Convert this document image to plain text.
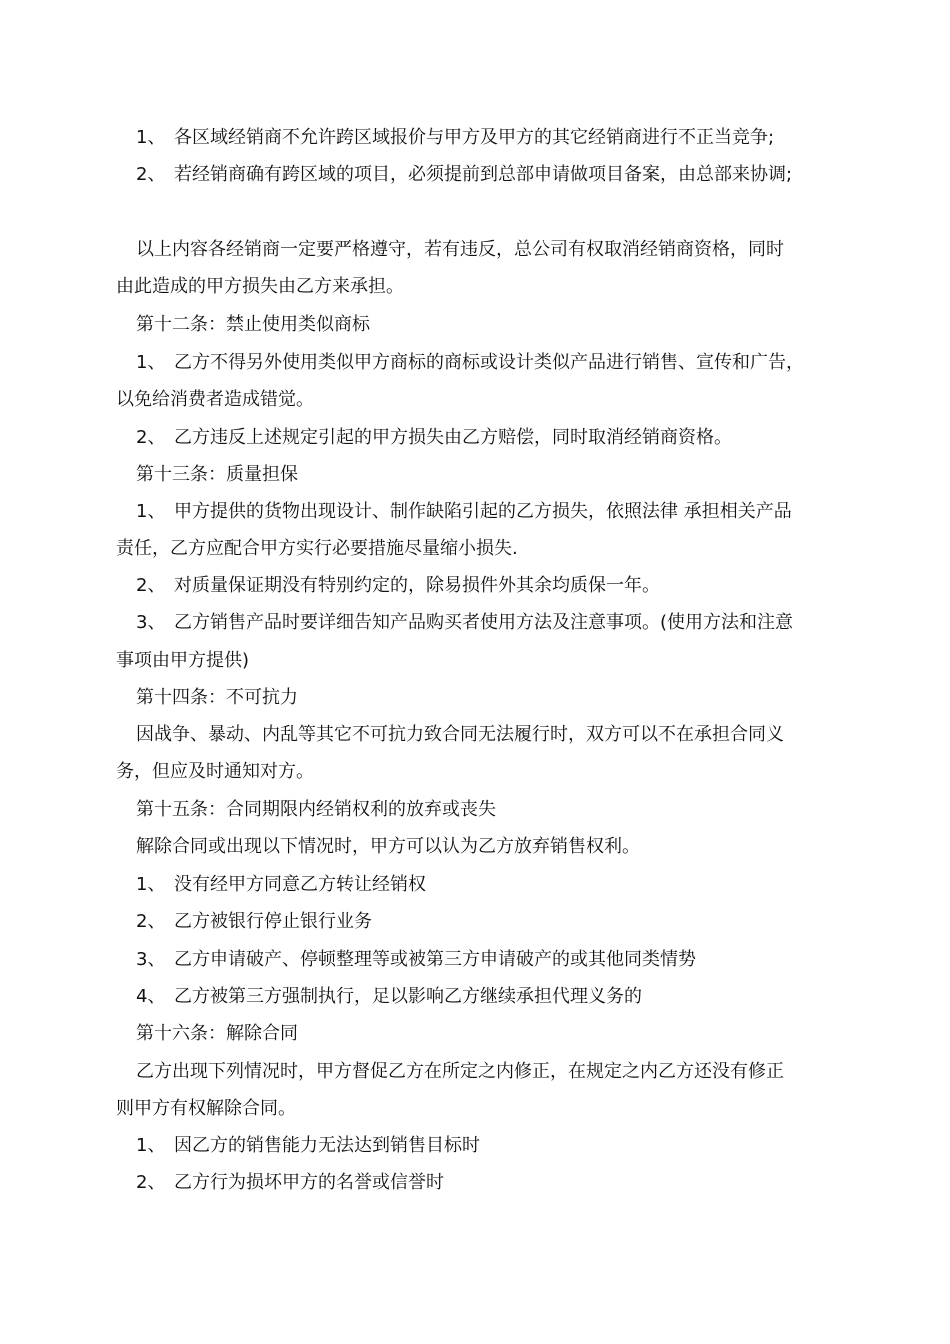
1、 各区域经销商不允许跨区域报价与甲方及甲方的其它经销商进行不正当竞争;

2、 若经销商确有跨区域的项目，必须提前到总部申请做项目备案，由总部来协调;

以上内容各经销商一定要严格遵守，若有违反，总公司有权取消经销商资格，同时

由此造成的甲方损失由乙方来承担。

第十二条：禁止使用类似商标

1、 乙方不得另外使用类似甲方商标的商标或设计类似产品进行销售、宣传和广告，

以免给消费者造成错觉。

2、 乙方违反上述规定引起的甲方损失由乙方赔偿，同时取消经销商资格。

第十三条：质量担保

1、 甲方提供的货物出现设计、制作缺陷引起的乙方损失，依照法律 承担相关产品

责任，乙方应配合甲方实行必要措施尽量缩小损失.

2、 对质量保证期没有特别约定的，除易损件外其余均质保一年。

3、 乙方销售产品时要详细告知产品购买者使用方法及注意事项。(使用方法和注意

事项由甲方提供)

第十四条：不可抗力

因战争、暴动、内乱等其它不可抗力致合同无法履行时，双方可以不在承担合同义

务，但应及时通知对方。

第十五条：合同期限内经销权利的放弃或丧失

解除合同或出现以下情况时，甲方可以认为乙方放弃销售权利。

1、 没有经甲方同意乙方转让经销权

2、 乙方被银行停止银行业务

3、 乙方申请破产、停顿整理等或被第三方申请破产的或其他同类情势

4、 乙方被第三方强制执行，足以影响乙方继续承担代理义务的

第十六条：解除合同

乙方出现下列情况时，甲方督促乙方在所定之内修正，在规定之内乙方还没有修正

则甲方有权解除合同。

1、 因乙方的销售能力无法达到销售目标时

2、 乙方行为损坏甲方的名誉或信誉时
